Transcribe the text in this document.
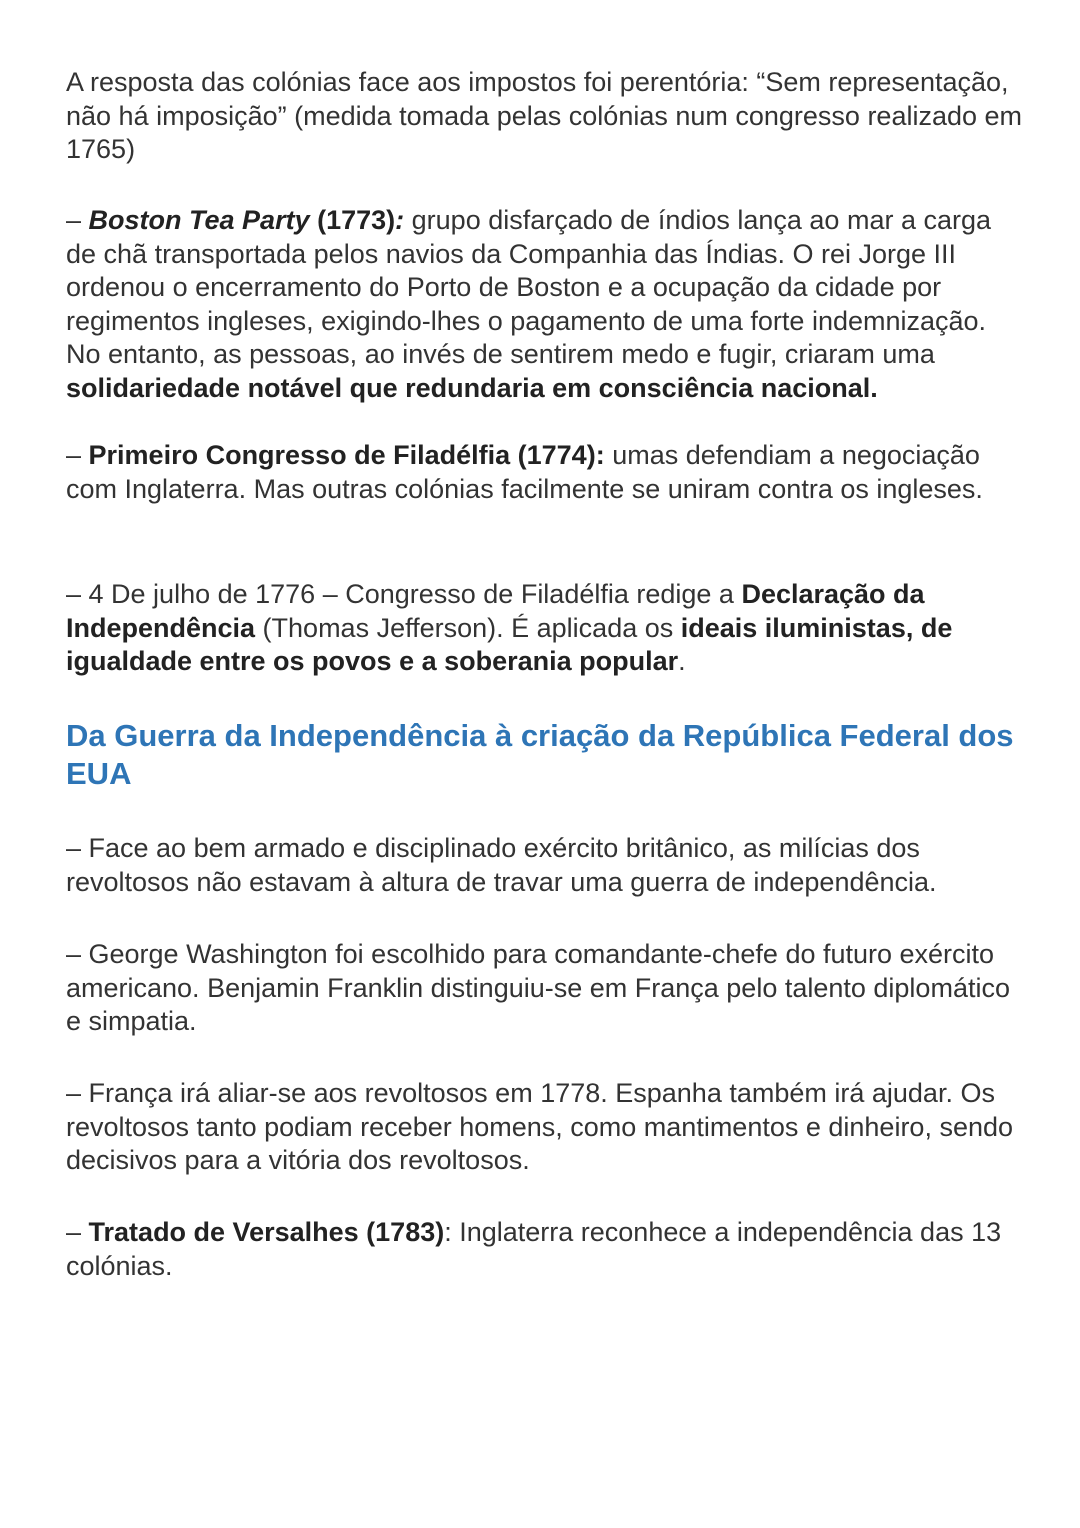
A resposta das colónias face aos impostos foi perentória: “Sem representação, não há imposição” (medida tomada pelas colónias num congresso realizado em 1765)

– Boston Tea Party (1773): grupo disfarçado de índios lança ao mar a carga de chã transportada pelos navios da Companhia das Índias. O rei Jorge III ordenou o encerramento do Porto de Boston e a ocupação da cidade por regimentos ingleses, exigindo-lhes o pagamento de uma forte indemnização. No entanto, as pessoas, ao invés de sentirem medo e fugir, criaram uma solidariedade notável que redundaria em consciência nacional.

– Primeiro Congresso de Filadélfia (1774): umas defendiam a negociação com Inglaterra. Mas outras colónias facilmente se uniram contra os ingleses.

– 4 De julho de 1776 – Congresso de Filadélfia redige a Declaração da Independência (Thomas Jefferson). É aplicada os ideais iluministas, de igualdade entre os povos e a soberania popular.

Da Guerra da Independência à criação da República Federal dos EUA

– Face ao bem armado e disciplinado exército britânico, as milícias dos revoltosos não estavam à altura de travar uma guerra de independência.

– George Washington foi escolhido para comandante-chefe do futuro exército americano. Benjamin Franklin distinguiu-se em França pelo talento diplomático e simpatia.

– França irá aliar-se aos revoltosos em 1778. Espanha também irá ajudar. Os revoltosos tanto podiam receber homens, como mantimentos e dinheiro, sendo decisivos para a vitória dos revoltosos.

– Tratado de Versalhes (1783): Inglaterra reconhece a independência das 13 colónias.
